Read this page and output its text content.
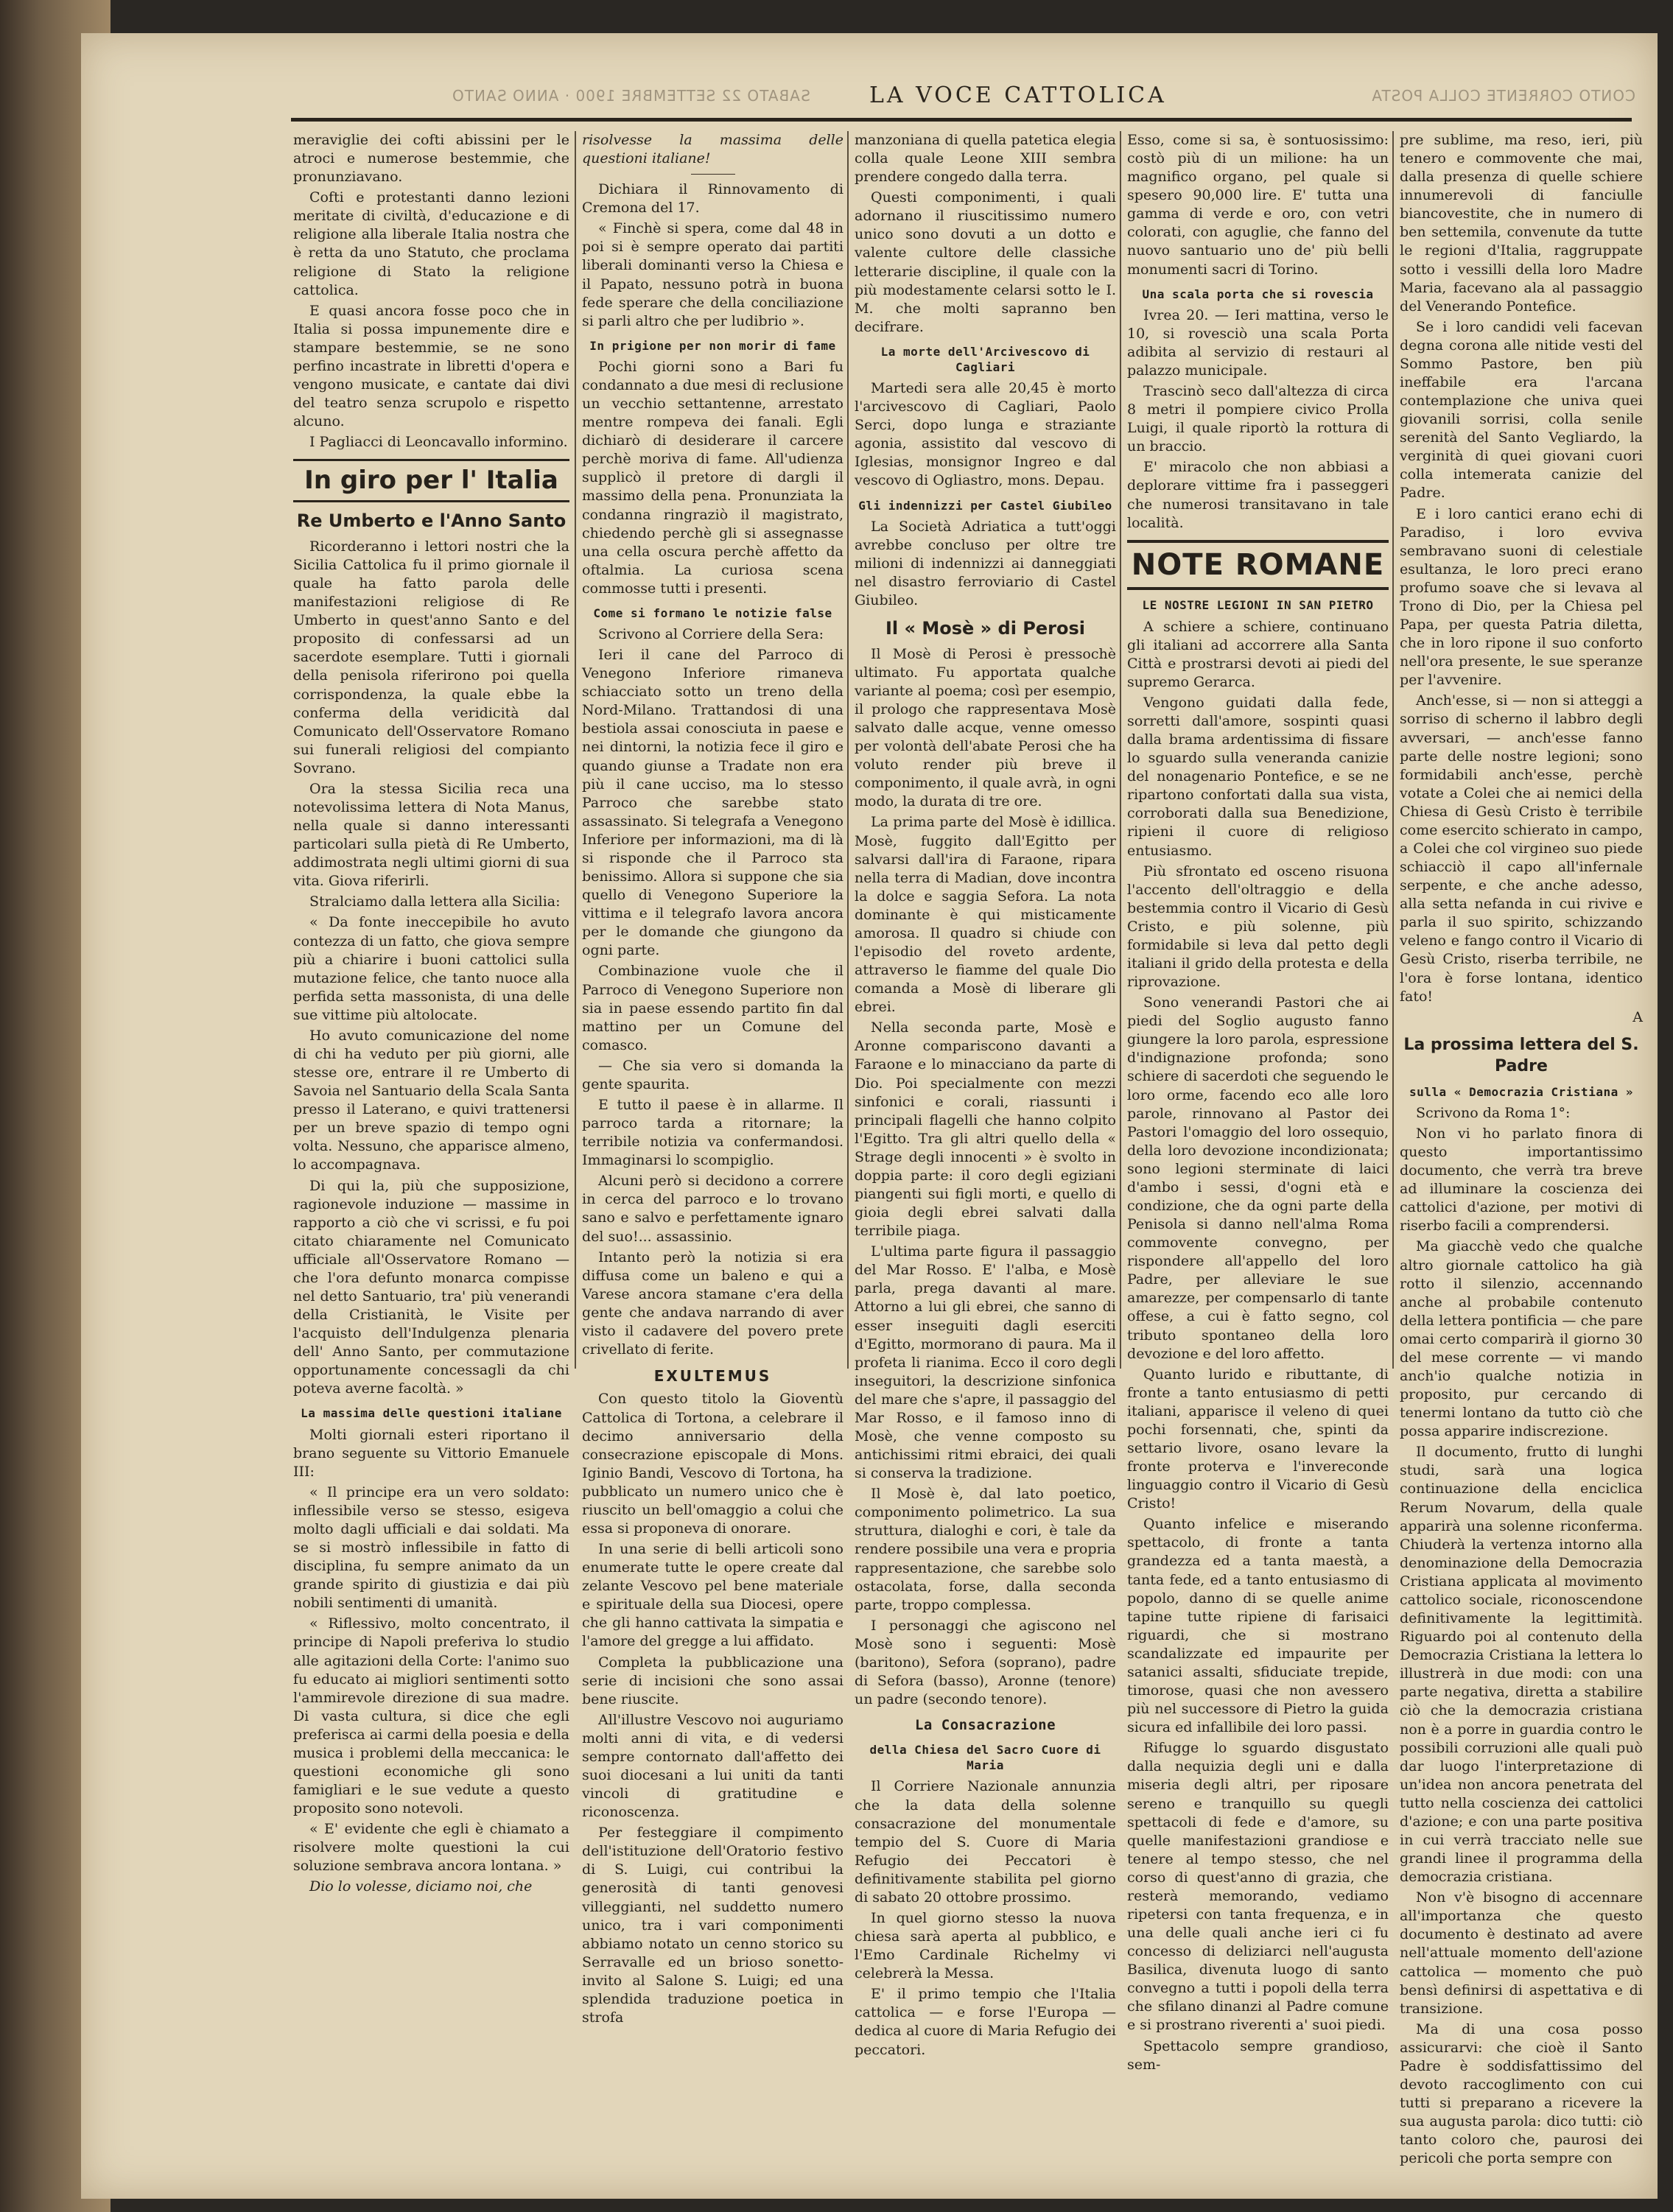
SABATO 22 SETTEMBRE 1900 · ANNO SANTO	LA VOCE CATTOLICA	CONTO CORRENTE COLLA POSTA

meraviglie dei cofti abissini per le atroci e numerose bestemmie, che pronunziavano.

Cofti e protestanti danno lezioni meritate di civiltà, d'educazione e di religione alla liberale Italia nostra che è retta da uno Statuto, che proclama religione di Stato la religione cattolica.

E quasi ancora fosse poco che in Italia si possa impunemente dire e stampare bestemmie, se ne sono perfino incastrate in libretti d'opera e vengono musicate, e cantate dai divi del teatro senza scrupolo e rispetto alcuno.

I Pagliacci di Leoncavallo informino.

In giro per l' Italia
Re Umberto e l'Anno Santo

Ricorderanno i lettori nostri che la Sicilia Cattolica fu il primo giornale il quale ha fatto parola delle manifestazioni religiose di Re Umberto in quest'anno Santo e del proposito di confessarsi ad un sacerdote esemplare. Tutti i giornali della penisola riferirono poi quella corrispondenza, la quale ebbe la conferma della veridicità dal Comunicato dell'Osservatore Romano sui funerali religiosi del compianto Sovrano.

Ora la stessa Sicilia reca una notevolissima lettera di Nota Manus, nella quale si danno interessanti particolari sulla pietà di Re Umberto, addimostrata negli ultimi giorni di sua vita. Giova riferirli.

Stralciamo dalla lettera alla Sicilia:

« Da fonte ineccepibile ho avuto contezza di un fatto, che giova sempre più a chiarire i buoni cattolici sulla mutazione felice, che tanto nuoce alla perfida setta massonista, di una delle sue vittime più altolocate.

Ho avuto comunicazione del nome di chi ha veduto per più giorni, alle stesse ore, entrare il re Umberto di Savoia nel Santuario della Scala Santa presso il Laterano, e quivi trattenersi per un breve spazio di tempo ogni volta. Nessuno, che apparisce almeno, lo accompagnava.

Di qui la, più che supposizione, ragionevole induzione — massime in rapporto a ciò che vi scrissi, e fu poi citato chiaramente nel Comunicato ufficiale all'Osservatore Romano — che l'ora defunto monarca compisse nel detto Santuario, tra' più venerandi della Cristianità, le Visite per l'acquisto dell'Indulgenza plenaria dell' Anno Santo, per commutazione opportunamente concessagli da chi poteva averne facoltà. »

La massima delle questioni italiane

Molti giornali esteri riportano il brano seguente su Vittorio Emanuele III:

« Il principe era un vero soldato: inflessibile verso se stesso, esigeva molto dagli ufficiali e dai soldati. Ma se si mostrò inflessibile in fatto di disciplina, fu sempre animato da un grande spirito di giustizia e dai più nobili sentimenti di umanità.

« Riflessivo, molto concentrato, il principe di Napoli preferiva lo studio alle agitazioni della Corte: l'animo suo fu educato ai migliori sentimenti sotto l'ammirevole direzione di sua madre. Di vasta cultura, si dice che egli preferisca ai carmi della poesia e della musica i problemi della meccanica: le questioni economiche gli sono famigliari e le sue vedute a questo proposito sono notevoli.

« E' evidente che egli è chiamato a risolvere molte questioni la cui soluzione sembrava ancora lontana. »

Dio lo volesse, diciamo noi, che

risolvesse la massima delle questioni italiane!

Dichiara il Rinnovamento di Cremona del 17.

« Finchè si spera, come dal 48 in poi si è sempre operato dai partiti liberali dominanti verso la Chiesa e il Papato, nessuno potrà in buona fede sperare che della conciliazione si parli altro che per ludibrio ».

In prigione per non morir di fame

Pochi giorni sono a Bari fu condannato a due mesi di reclusione un vecchio settantenne, arrestato mentre rompeva dei fanali. Egli dichiarò di desiderare il carcere perchè moriva di fame. All'udienza supplicò il pretore di dargli il massimo della pena. Pronunziata la condanna ringraziò il magistrato, chiedendo perchè gli si assegnasse una cella oscura perchè affetto da oftalmia. La curiosa scena commosse tutti i presenti.

Come si formano le notizie false

Scrivono al Corriere della Sera:

Ieri il cane del Parroco di Venegono Inferiore rimaneva schiacciato sotto un treno della Nord-Milano. Trattandosi di una bestiola assai conosciuta in paese e nei dintorni, la notizia fece il giro e quando giunse a Tradate non era più il cane ucciso, ma lo stesso Parroco che sarebbe stato assassinato. Si telegrafa a Venegono Inferiore per informazioni, ma di là si risponde che il Parroco sta benissimo. Allora si suppone che sia quello di Venegono Superiore la vittima e il telegrafo lavora ancora per le domande che giungono da ogni parte.

Combinazione vuole che il Parroco di Venegono Superiore non sia in paese essendo partito fin dal mattino per un Comune del comasco.

— Che sia vero si domanda la gente spaurita.

E tutto il paese è in allarme. Il parroco tarda a ritornare; la terribile notizia va confermandosi. Immaginarsi lo scompiglio.

Alcuni però si decidono a correre in cerca del parroco e lo trovano sano e salvo e perfettamente ignaro del suo!... assassinio.

Intanto però la notizia si era diffusa come un baleno e qui a Varese ancora stamane c'era della gente che andava narrando di aver visto il cadavere del povero prete crivellato di ferite.

EXULTEMUS

Con questo titolo la Gioventù Cattolica di Tortona, a celebrare il decimo anniversario della consecrazione episcopale di Mons. Iginio Bandi, Vescovo di Tortona, ha pubblicato un numero unico che è riuscito un bell'omaggio a colui che essa si proponeva di onorare.

In una serie di belli articoli sono enumerate tutte le opere create dal zelante Vescovo pel bene materiale e spirituale della sua Diocesi, opere che gli hanno cattivata la simpatia e l'amore del gregge a lui affidato.

Completa la pubblicazione una serie di incisioni che sono assai bene riuscite.

All'illustre Vescovo noi auguriamo molti anni di vita, e di vedersi sempre contornato dall'affetto dei suoi diocesani a lui uniti da tanti vincoli di gratitudine e riconoscenza.

Per festeggiare il compimento dell'istituzione dell'Oratorio festivo di S. Luigi, cui contribui la generosità di tanti genovesi villeggianti, nel suddetto numero unico, tra i vari componimenti abbiamo notato un cenno storico su Serravalle ed un brioso sonetto-invito al Salone S. Luigi; ed una splendida traduzione poetica in strofa

manzoniana di quella patetica elegia colla quale Leone XIII sembra prendere congedo dalla terra.

Questi componimenti, i quali adornano il riuscitissimo numero unico sono dovuti a un dotto e valente cultore delle classiche letterarie discipline, il quale con la più modestamente celarsi sotto le I. M. che molti sapranno ben decifrare.

La morte dell'Arcivescovo di Cagliari

Martedi sera alle 20,45 è morto l'arcivescovo di Cagliari, Paolo Serci, dopo lunga e straziante agonia, assistito dal vescovo di Iglesias, monsignor Ingreo e dal vescovo di Ogliastro, mons. Depau.

Gli indennizzi per Castel Giubileo

La Società Adriatica a tutt'oggi avrebbe concluso per oltre tre milioni di indennizzi ai danneggiati nel disastro ferroviario di Castel Giubileo.

Il « Mosè » di Perosi

Il Mosè di Perosi è pressochè ultimato. Fu apportata qualche variante al poema; così per esempio, il prologo che rappresentava Mosè salvato dalle acque, venne omesso per volontà dell'abate Perosi che ha voluto render più breve il componimento, il quale avrà, in ogni modo, la durata di tre ore.

La prima parte del Mosè è idillica. Mosè, fuggito dall'Egitto per salvarsi dall'ira di Faraone, ripara nella terra di Madian, dove incontra la dolce e saggia Sefora. La nota dominante è qui misticamente amorosa. Il quadro si chiude con l'episodio del roveto ardente, attraverso le fiamme del quale Dio comanda a Mosè di liberare gli ebrei.

Nella seconda parte, Mosè e Aronne compariscono davanti a Faraone e lo minacciano da parte di Dio. Poi specialmente con mezzi sinfonici e corali, riassunti i principali flagelli che hanno colpito l'Egitto. Tra gli altri quello della « Strage degli innocenti » è svolto in doppia parte: il coro degli egiziani piangenti sui figli morti, e quello di gioia degli ebrei salvati dalla terribile piaga.

L'ultima parte figura il passaggio del Mar Rosso. E' l'alba, e Mosè parla, prega davanti al mare. Attorno a lui gli ebrei, che sanno di esser inseguiti dagli eserciti d'Egitto, mormorano di paura. Ma il profeta li rianima. Ecco il coro degli inseguitori, la descrizione sinfonica del mare che s'apre, il passaggio del Mar Rosso, e il famoso inno di Mosè, che venne composto su antichissimi ritmi ebraici, dei quali si conserva la tradizione.

Il Mosè è, dal lato poetico, componimento polimetrico. La sua struttura, dialoghi e cori, è tale da rendere possibile una vera e propria rappresentazione, che sarebbe solo ostacolata, forse, dalla seconda parte, troppo complessa.

I personaggi che agiscono nel Mosè sono i seguenti: Mosè (baritono), Sefora (soprano), padre di Sefora (basso), Aronne (tenore) un padre (secondo tenore).

La Consacrazione
della Chiesa del Sacro Cuore di Maria

Il Corriere Nazionale annunzia che la data della solenne consacrazione del monumentale tempio del S. Cuore di Maria Refugio dei Peccatori è definitivamente stabilita pel giorno di sabato 20 ottobre prossimo.

In quel giorno stesso la nuova chiesa sarà aperta al pubblico, e l'Emo Cardinale Richelmy vi celebrerà la Messa.

E' il primo tempio che l'Italia cattolica — e forse l'Europa — dedica al cuore di Maria Refugio dei peccatori.

Esso, come si sa, è sontuosissimo: costò più di un milione: ha un magnifico organo, pel quale si spesero 90,000 lire. E' tutta una gamma di verde e oro, con vetri colorati, con aguglie, che fanno del nuovo santuario uno de' più belli monumenti sacri di Torino.

Una scala porta che si rovescia

Ivrea 20. — Ieri mattina, verso le 10, si rovesciò una scala Porta adibita al servizio di restauri al palazzo municipale.

Trascinò seco dall'altezza di circa 8 metri il pompiere civico Prolla Luigi, il quale riportò la rottura di un braccio.

E' miracolo che non abbiasi a deplorare vittime fra i passeggeri che numerosi transitavano in tale località.

NOTE ROMANE
LE NOSTRE LEGIONI IN SAN PIETRO

A schiere a schiere, continuano gli italiani ad accorrere alla Santa Città e prostrarsi devoti ai piedi del supremo Gerarca.

Vengono guidati dalla fede, sorretti dall'amore, sospinti quasi dalla brama ardentissima di fissare lo sguardo sulla veneranda canizie del nonagenario Pontefice, e se ne ripartono confortati dalla sua vista, corroborati dalla sua Benedizione, ripieni il cuore di religioso entusiasmo.

Più sfrontato ed osceno risuona l'accento dell'oltraggio e della bestemmia contro il Vicario di Gesù Cristo, e più solenne, più formidabile si leva dal petto degli italiani il grido della protesta e della riprovazione.

Sono venerandi Pastori che ai piedi del Soglio augusto fanno giungere la loro parola, espressione d'indignazione profonda; sono schiere di sacerdoti che seguendo le loro orme, facendo eco alle loro parole, rinnovano al Pastor dei Pastori l'omaggio del loro ossequio, della loro devozione incondizionata; sono legioni sterminate di laici d'ambo i sessi, d'ogni età e condizione, che da ogni parte della Penisola si danno nell'alma Roma commovente convegno, per rispondere all'appello del loro Padre, per alleviare le sue amarezze, per compensarlo di tante offese, a cui è fatto segno, col tributo spontaneo della loro devozione e del loro affetto.

Quanto lurido e ributtante, di fronte a tanto entusiasmo di petti italiani, apparisce il veleno di quei pochi forsennati, che, spinti da settario livore, osano levare la fronte proterva e l'invereconde linguaggio contro il Vicario di Gesù Cristo!

Quanto infelice e miserando spettacolo, di fronte a tanta grandezza ed a tanta maestà, a tanta fede, ed a tanto entusiasmo di popolo, danno di se quelle anime tapine tutte ripiene di farisaici riguardi, che si mostrano scandalizzate ed impaurite per satanici assalti, sfiduciate trepide, timorose, quasi che non avessero più nel successore di Pietro la guida sicura ed infallibile dei loro passi.

Rifugge lo sguardo disgustato dalla nequizia degli uni e dalla miseria degli altri, per riposare sereno e tranquillo su quegli spettacoli di fede e d'amore, su quelle manifestazioni grandiose e tenere al tempo stesso, che nel corso di quest'anno di grazia, che resterà memorando, vediamo ripetersi con tanta frequenza, e in una delle quali anche ieri ci fu concesso di deliziarci nell'augusta Basilica, divenuta luogo di santo convegno a tutti i popoli della terra che sfilano dinanzi al Padre comune e si prostrano riverenti a' suoi piedi.

Spettacolo sempre grandioso, sem-

pre sublime, ma reso, ieri, più tenero e commovente che mai, dalla presenza di quelle schiere innumerevoli di fanciulle biancovestite, che in numero di ben settemila, convenute da tutte le regioni d'Italia, raggruppate sotto i vessilli della loro Madre Maria, facevano ala al passaggio del Venerando Pontefice.

Se i loro candidi veli facevan degna corona alle nitide vesti del Sommo Pastore, ben più ineffabile era l'arcana contemplazione che univa quei giovanili sorrisi, colla senile serenità del Santo Vegliardo, la verginità di quei giovani cuori colla intemerata canizie del Padre.

E i loro cantici erano echi di Paradiso, i loro evviva sembravano suoni di celestiale esultanza, le loro preci erano profumo soave che si levava al Trono di Dio, per la Chiesa pel Papa, per questa Patria diletta, che in loro ripone il suo conforto nell'ora presente, le sue speranze per l'avvenire.

Anch'esse, si — non si atteggi a sorriso di scherno il labbro degli avversari, — anch'esse fanno parte delle nostre legioni; sono formidabili anch'esse, perchè votate a Colei che ai nemici della Chiesa di Gesù Cristo è terribile come esercito schierato in campo, a Colei che col virgineo suo piede schiacciò il capo all'infernale serpente, e che anche adesso, alla setta nefanda in cui rivive e parla il suo spirito, schizzando veleno e fango contro il Vicario di Gesù Cristo, riserba terribile, ne l'ora è forse lontana, identico fato!

A

La prossima lettera del S. Padre
sulla « Democrazia Cristiana »

Scrivono da Roma 1°:

Non vi ho parlato finora di questo importantissimo documento, che verrà tra breve ad illuminare la coscienza dei cattolici d'azione, per motivi di riserbo facili a comprendersi.

Ma giacchè vedo che qualche altro giornale cattolico ha già rotto il silenzio, accennando anche al probabile contenuto della lettera pontificia — che pare omai certo comparirà il giorno 30 del mese corrente — vi mando anch'io qualche notizia in proposito, pur cercando di tenermi lontano da tutto ciò che possa apparire indiscrezione.

Il documento, frutto di lunghi studi, sarà una logica continuazione della enciclica Rerum Novarum, della quale apparirà una solenne riconferma. Chiuderà la vertenza intorno alla denominazione della Democrazia Cristiana applicata al movimento cattolico sociale, riconoscendone definitivamente la legittimità. Riguardo poi al contenuto della Democrazia Cristiana la lettera lo illustrerà in due modi: con una parte negativa, diretta a stabilire ciò che la democrazia cristiana non è a porre in guardia contro le possibili corruzioni alle quali può dar luogo l'interpretazione di un'idea non ancora penetrata del tutto nella coscienza dei cattolici d'azione; e con una parte positiva in cui verrà tracciato nelle sue grandi linee il programma della democrazia cristiana.

Non v'è bisogno di accennare all'importanza che questo documento è destinato ad avere nell'attuale momento dell'azione cattolica — momento che può bensì definirsi di aspettativa e di transizione.

Ma di una cosa posso assicurarvi: che cioè il Santo Padre è soddisfattissimo del devoto raccoglimento con cui tutti si preparano a ricevere la sua augusta parola: dico tutti: ciò tanto coloro che, paurosi dei pericoli che porta sempre con
